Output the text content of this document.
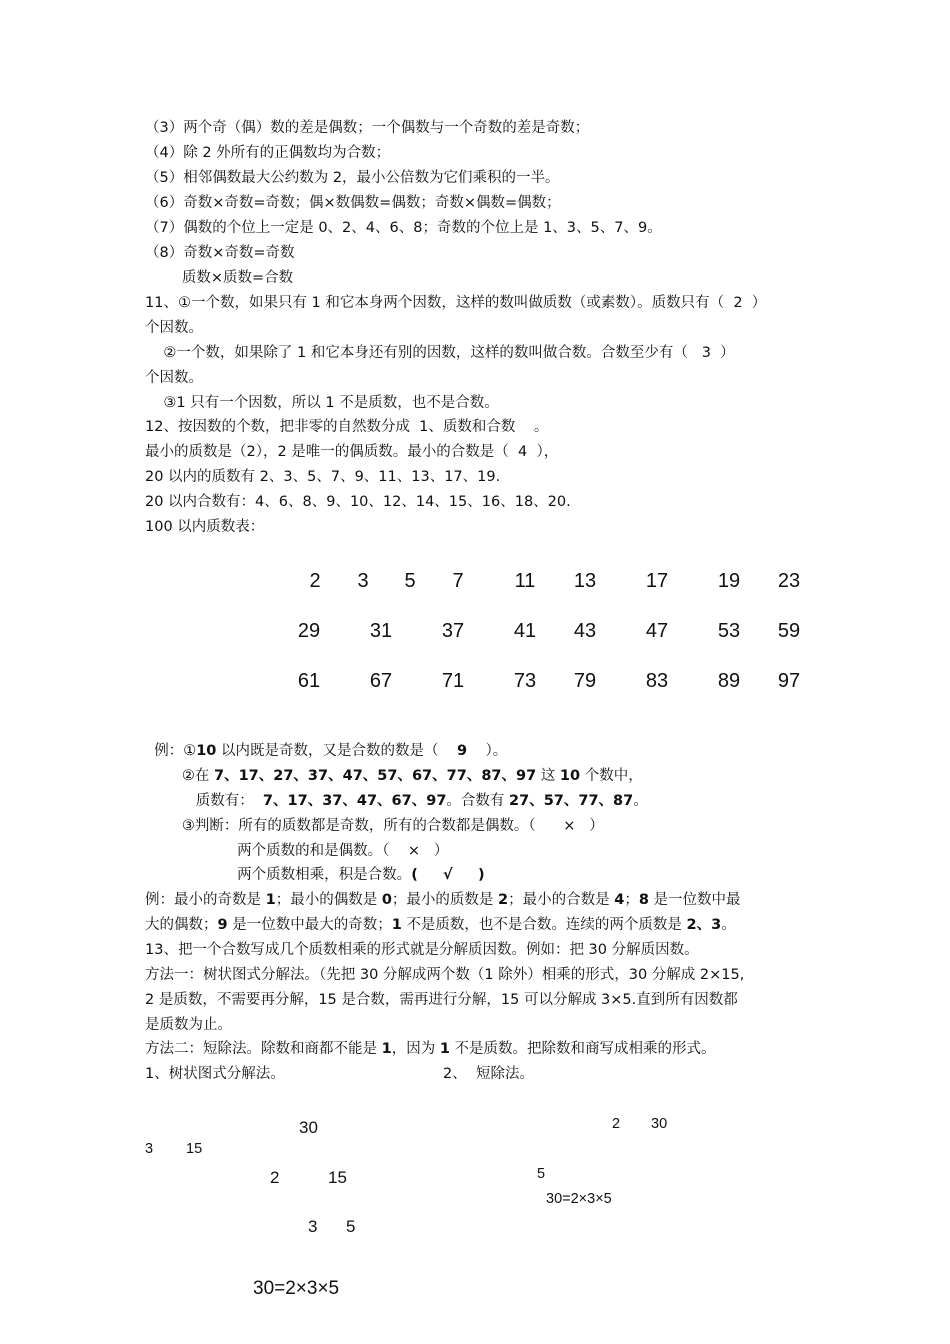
（3）两个奇（偶）数的差是偶数；一个偶数与一个奇数的差是奇数；
（4）除 2 外所有的正偶数均为合数；
（5）相邻偶数最大公约数为 2，最小公倍数为它们乘积的一半。
（6）奇数×奇数=奇数；偶×数偶数=偶数；奇数×偶数=偶数；
（7）偶数的个位上一定是 0、2、4、6、8；奇数的个位上是 1、3、5、7、9。
（8）奇数×奇数=奇数
质数×质数=合数
11、①一个数，如果只有 1 和它本身两个因数，这样的数叫做质数（或素数）。质数只有（  2  ）
个因数。
②一个数，如果除了 1 和它本身还有别的因数，这样的数叫做合数。合数至少有（   3  ）
个因数。
③1 只有一个因数，所以 1 不是质数，也不是合数。
12、按因数的个数，把非零的自然数分成  1、质数和合数    。
最小的质数是（2），2 是唯一的偶质数。最小的合数是（  4  ），
20 以内的质数有 2、3、5、7、9、11、13、17、19.
20 以内合数有：4、6、8、9、10、12、14、15、16、18、20.
100 以内质数表：
2	3	5	7	11	13	17	19	23
29	31	37	41	43	47	53	59
61	67	71	73	79	83	89	97
例：①10 以内既是奇数，又是合数的数是（    9    ）。
②在 7、17、27、37、47、57、67、77、87、97 这 10 个数中，
质数有：  7、17、37、47、67、97。合数有 27、57、77、87。
③判断：所有的质数都是奇数，所有的合数都是偶数。（      ×   ）
两个质数的和是偶数。（    ×   ）
两个质数相乘，积是合数。(     √     )
例：最小的奇数是 1；最小的偶数是 0；最小的质数是 2；最小的合数是 4；8 是一位数中最
大的偶数；9 是一位数中最大的奇数；1 不是质数，也不是合数。连续的两个质数是 2、3。
13、把一个合数写成几个质数相乘的形式就是分解质因数。例如：把 30 分解质因数。
方法一：树状图式分解法。（先把 30 分解成两个数（1 除外）相乘的形式，30 分解成 2×15,
2 是质数，不需要再分解，15 是合数，需再进行分解，15 可以分解成 3×5.直到所有因数都
是质数为止。
方法二：短除法。除数和商都不能是 1，因为 1 不是质数。把除数和商写成相乘的形式。
1、树状图式分解法。	2、  短除法。
30
3 15
2	15
3 5
30=2×3×5
2 30
5
30=2×3×5
